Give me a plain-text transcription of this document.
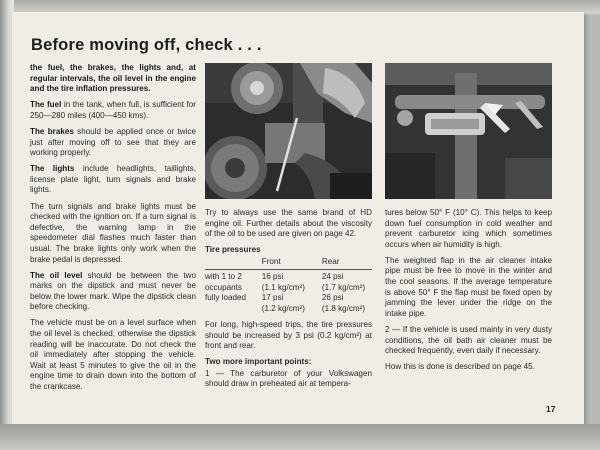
Before moving off, check . . .

the fuel, the brakes, the lights and, at regular intervals, the oil level in the engine and the tire inflation pressures.

The fuel in the tank, when full, is sufficient for 250—280 miles (400—450 kms).

The brakes should be applied once or twice just after moving off to see that they are working properly.

The lights include headlights, taillights, license plate light, turn signals and brake lights.

The turn signals and brake lights must be checked with the ignition on. If a turn signal is defective, the warning lamp in the speedometer dial flashes much faster than usual. The brake lights only work when the brake pedal is depressed.

The oil level should be between the two marks on the dipstick and must never be below the lower mark. Wipe the dipstick clean before checking.

The vehicle must be on a level surface when the oil level is checked, otherwise the dipstick reading will be inaccurate. Do not check the oil immediately after stopping the vehicle. Wait at least 5 minutes to give the oil in the engine time to drain down into the bottom of the crankcase.

Try to always use the same brand of HD engine oil. Further details about the viscosity of the oil to be used are given on page 42.

Tire pressures
	Front	Rear
with 1 to 2	16 psi	24 psi
occupants	(1.1 kg/cm²)	(1.7 kg/cm²)
fully loaded	17 psi	26 psi
	(1.2 kg/cm²)	(1.8 kg/cm²)

For long, high-speed trips, the tire pressures should be increased by 3 psi (0.2 kg/cm²) at front and rear.

Two more important points:

1 — The carburetor of your Volkswagen should draw in preheated air at tempera-

tures below 50° F (10° C). This helps to keep down fuel consumption in cold weather and prevent carburetor icing which sometimes occurs when air humidity is high.

The weighted flap in the air cleaner intake pipe must be free to move in the winter and the cool seasons. If the average temperature is above 50° F the flap must be fixed open by jamming the lever under the ridge on the intake pipe.

2 — If the vehicle is used mainly in very dusty conditions, the oil bath air cleaner must be checked frequently, even daily if necessary.

How this is done is described on page 45.

17
